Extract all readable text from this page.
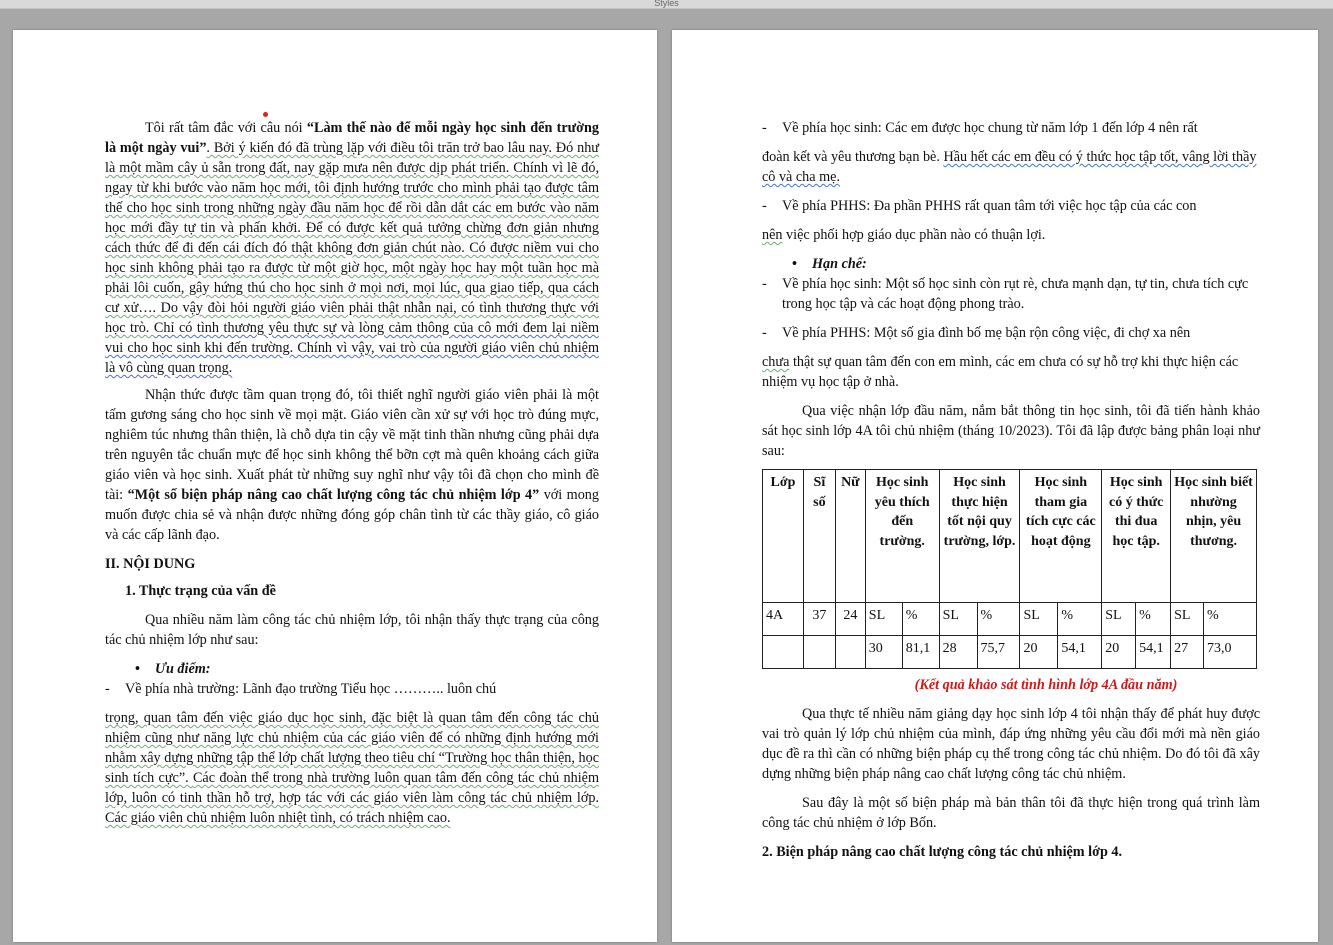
Styles

Tôi rất tâm đắc với câu nói “Làm thế nào để mỗi ngày học sinh đến trường là một ngày vui”. Bởi ý kiến đó đã trùng lặp với điều tôi trăn trở bao lâu nay. Đó như là một mầm cây ủ sẵn trong đất, nay gặp mưa nên được dịp phát triển. Chính vì lẽ đó, ngay từ khi bước vào năm học mới, tôi định hướng trước cho mình phải tạo được tâm thế cho học sinh trong những ngày đầu năm học để rồi dẫn dắt các em bước vào năm học mới đầy tự tin và phấn khởi. Để có được kết quả tưởng chừng đơn giản nhưng cách thức để đi đến cái đích đó thật không đơn giản chút nào. Có được niềm vui cho học sinh không phải tạo ra được từ một giờ học, một ngày học hay một tuần học mà phải lôi cuốn, gây hứng thú cho học sinh ở mọi nơi, mọi lúc, qua giao tiếp, qua cách cư xử…. Do vậy đòi hỏi người giáo viên phải thật nhẫn nại, có tình thương thực với học trò. Chỉ có tình thương yêu thực sự và lòng cảm thông của cô mới đem lại niềm vui cho học sinh khi đến trường. Chính vì vậy, vai trò của người giáo viên chủ nhiệm là vô cùng quan trọng.

Nhận thức được tầm quan trọng đó, tôi thiết nghĩ người giáo viên phải là một tấm gương sáng cho học sinh về mọi mặt. Giáo viên cần xử sự với học trò đúng mực, nghiêm túc nhưng thân thiện, là chỗ dựa tin cậy về mặt tinh thần nhưng cũng phải dựa trên nguyên tắc chuẩn mực để học sinh không thể bỡn cợt mà quên khoảng cách giữa giáo viên và học sinh. Xuất phát từ những suy nghĩ như vậy tôi đã chọn cho mình đề tài: “Một số biện pháp nâng cao chất lượng công tác chủ nhiệm lớp 4” với mong muốn được chia sẻ và nhận được những đóng góp chân tình từ các thầy giáo, cô giáo và các cấp lãnh đạo.

II. NỘI DUNG

1. Thực trạng của vấn đề

Qua nhiều năm làm công tác chủ nhiệm lớp, tôi nhận thấy thực trạng của công tác chủ nhiệm lớp như sau:

• Ưu điểm:

-	Về phía nhà trường: Lãnh đạo trường Tiểu học ……….. luôn chú

trọng, quan tâm đến việc giáo dục học sinh, đặc biệt là quan tâm đến công tác chủ nhiệm cũng như năng lực chủ nhiệm của các giáo viên để có những định hướng mới nhằm xây dựng những tập thể lớp chất lượng theo tiêu chí “Trường học thân thiện, học sinh tích cực”. Các đoàn thể trong nhà trường luôn quan tâm đến công tác chủ nhiệm lớp, luôn có tinh thần hỗ trợ, hợp tác với các giáo viên làm công tác chủ nhiệm lớp. Các giáo viên chủ nhiệm luôn nhiệt tình, có trách nhiệm cao.

-	Về phía học sinh: Các em được học chung từ năm lớp 1 đến lớp 4 nên rất

đoàn kết và yêu thương bạn bè. Hầu hết các em đều có ý thức học tập tốt, vâng lời thầy cô và cha mẹ.

-	Về phía PHHS: Đa phần PHHS rất quan tâm tới việc học tập của các con

nên việc phối hợp giáo dục phần nào có thuận lợi.

• Hạn chế:

-	Về phía học sinh: Một số học sinh còn rụt rè, chưa mạnh dạn, tự tin, chưa tích cực trong học tập và các hoạt động phong trào.

-	Về phía PHHS: Một số gia đình bố mẹ bận rộn công việc, đi chợ xa nên

chưa thật sự quan tâm đến con em mình, các em chưa có sự hỗ trợ khi thực hiện các nhiệm vụ học tập ở nhà.

Qua việc nhận lớp đầu năm, nắm bắt thông tin học sinh, tôi đã tiến hành khảo sát học sinh lớp 4A tôi chủ nhiệm (tháng 10/2023). Tôi đã lập được bảng phân loại như sau:

Lớp	Sĩ số	Nữ	Học sinh yêu thích đến trường.		Học sinh thực hiện tốt nội quy trường, lớp.		Học sinh tham gia tích cực các hoạt động		Học sinh có ý thức thi đua học tập.		Học sinh biết nhường nhịn, yêu thương.	
4A	37	24	SL	%	SL	%	SL	%	SL	%	SL	%
			30	81,1	28	75,7	20	54,1	20	54,1	27	73,0

(Kết quả khảo sát tình hình lớp 4A đầu năm)

Qua thực tế nhiều năm giảng dạy học sinh lớp 4 tôi nhận thấy để phát huy được vai trò quản lý lớp chủ nhiệm của mình, đáp ứng những yêu cầu đổi mới mà nền giáo dục đề ra thì cần có những biện pháp cụ thể trong công tác chủ nhiệm. Do đó tôi đã xây dựng những biện pháp nâng cao chất lượng công tác chủ nhiệm.

Sau đây là một số biện pháp mà bản thân tôi đã thực hiện trong quá trình làm công tác chủ nhiệm ở lớp Bốn.

2. Biện pháp nâng cao chất lượng công tác chủ nhiệm lớp 4.
